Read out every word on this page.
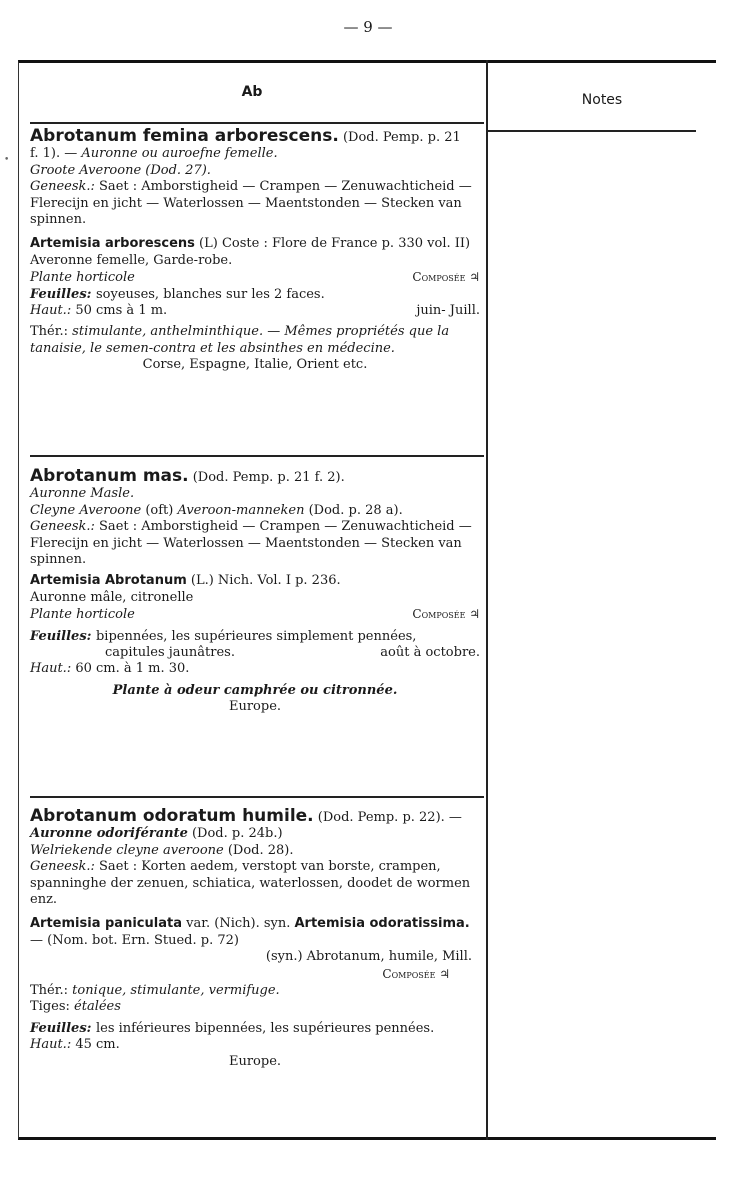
— 9 —
Ab	Notes
•

Abrotanum femina arborescens. (Dod. Pemp. p. 21

f. 1). — Auronne ou auroefne femelle.

Groote Averoone (Dod. 27).

Geneesk.: Saet : Amborstigheid — Crampen — Zenuwachticheid — Flerecijn en jicht — Waterlossen — Maentstonden — Stecken van spinnen.

Artemisia arborescens (L) Coste : Flore de France p. 330 vol. II)

Averonne femelle, Garde-robe.

Plante horticole	Composée ♃

Feuilles: soyeuses, blanches sur les 2 faces.

Haut.: 50 cms à 1 m.	juin- Juill.

Thér.: stimulante, anthelminthique. — Mêmes propriétés que la tanaisie, le semen-contra et les absinthes en médecine.

Corse, Espagne, Italie, Orient etc.

Abrotanum mas. (Dod. Pemp. p. 21 f. 2).

Auronne Masle.

Cleyne Averoone (oft) Averoon-manneken (Dod. p. 28 a).

Geneesk.: Saet : Amborstigheid — Crampen — Zenuwachticheid — Flerecijn en jicht — Waterlossen — Maentstonden — Stecken van spinnen.

Artemisia Abrotanum (L.) Nich. Vol. I p. 236.

Auronne mâle, citronelle

Plante horticole	Composée ♃

Feuilles: bipennées, les supérieures simplement pennées,

capitules jaunâtres.	août à octobre.

Haut.: 60 cm. à 1 m. 30.

Plante à odeur camphrée ou citronnée.

Europe.

Abrotanum odoratum humile. (Dod. Pemp. p. 22). —

Auronne odoriférante (Dod. p. 24b.)

Welriekende cleyne averoone (Dod. 28).

Geneesk.: Saet : Korten aedem, verstopt van borste, crampen, spanninghe der zenuen, schiatica, waterlossen, doodet de wormen enz.

Artemisia paniculata var. (Nich). syn. Artemisia odoratissima. — (Nom. bot. Ern. Stued. p. 72)

(syn.) Abrotanum, humile, Mill.

Composée ♃

Thér.: tonique, stimulante, vermifuge.

Tiges: étalées

Feuilles: les inférieures bipennées, les supérieures pennées.

Haut.: 45 cm.

Europe.
